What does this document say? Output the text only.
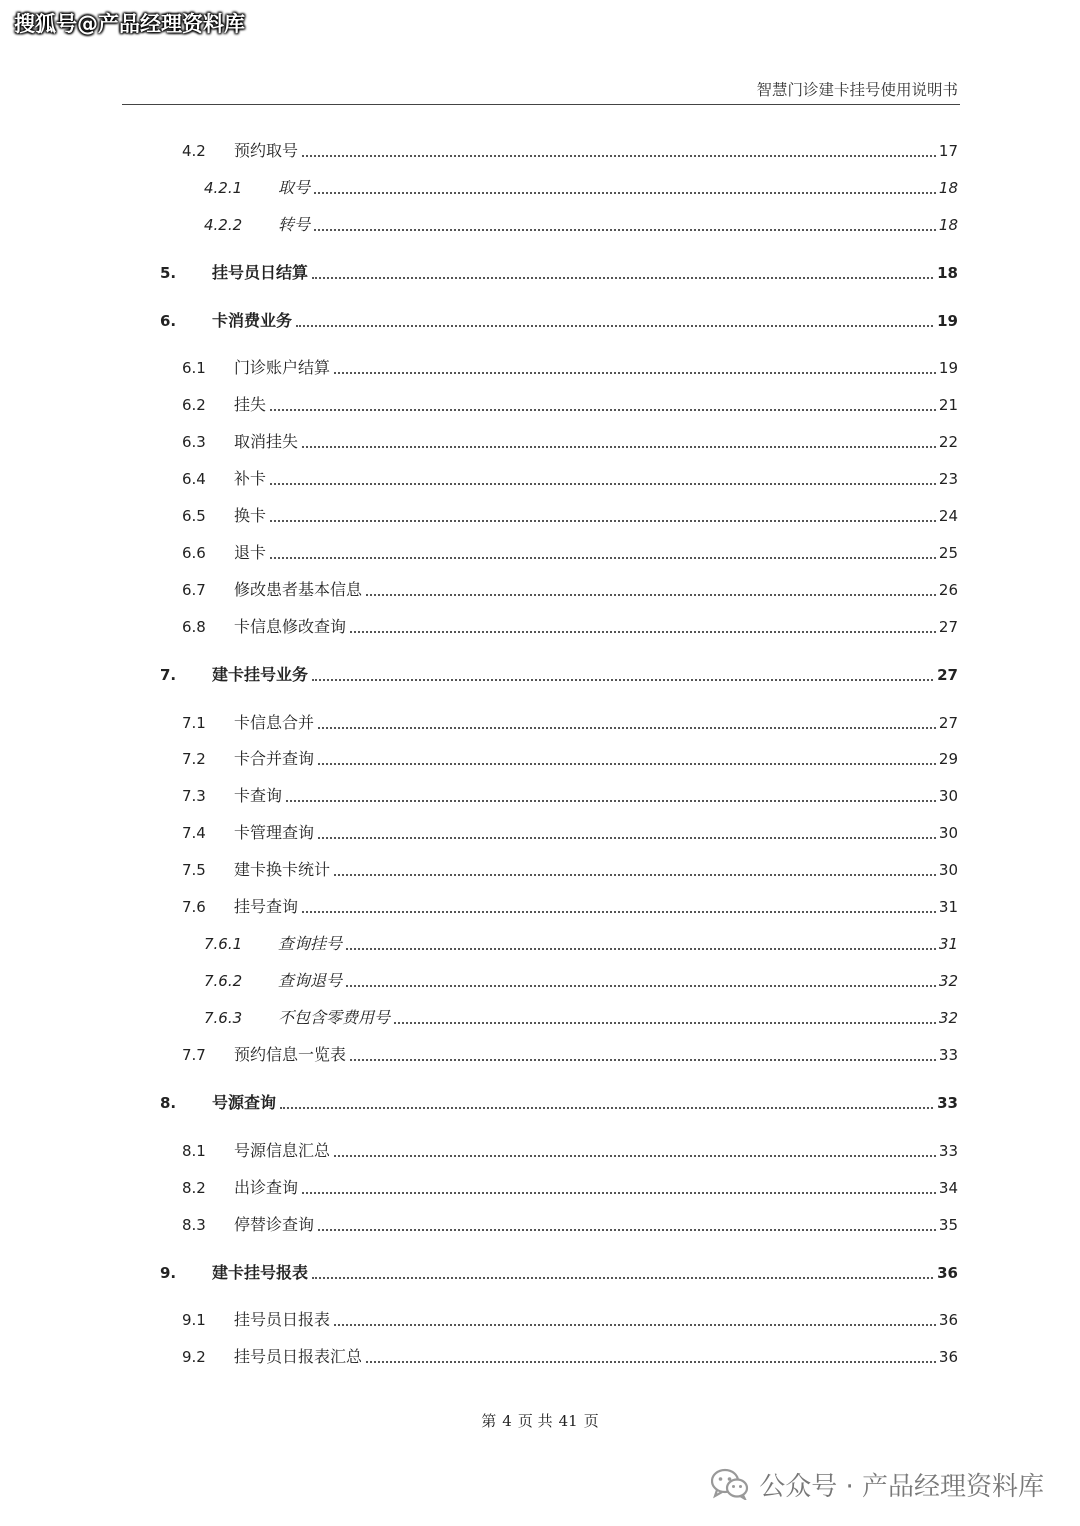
搜狐号@产品经理资料库
智慧门诊建卡挂号使用说明书
4.2 预约取号	17
4.2.1 取号	18
4.2.2 转号	18
5. 挂号员日结算	18
6. 卡消费业务	19
6.1 门诊账户结算	19
6.2 挂失	21
6.3 取消挂失	22
6.4 补卡	23
6.5 换卡	24
6.6 退卡	25
6.7 修改患者基本信息	26
6.8 卡信息修改查询	27
7. 建卡挂号业务	27
7.1 卡信息合并	27
7.2 卡合并查询	29
7.3 卡查询	30
7.4 卡管理查询	30
7.5 建卡换卡统计	30
7.6 挂号查询	31
7.6.1 查询挂号	31
7.6.2 查询退号	32
7.6.3 不包含零费用号	32
7.7 预约信息一览表	33
8. 号源查询	33
8.1 号源信息汇总	33
8.2 出诊查询	34
8.3 停替诊查询	35
9. 建卡挂号报表	36
9.1 挂号员日报表	36
9.2 挂号员日报表汇总	36
第 4 页 共 41 页
公众号 · 产品经理资料库
